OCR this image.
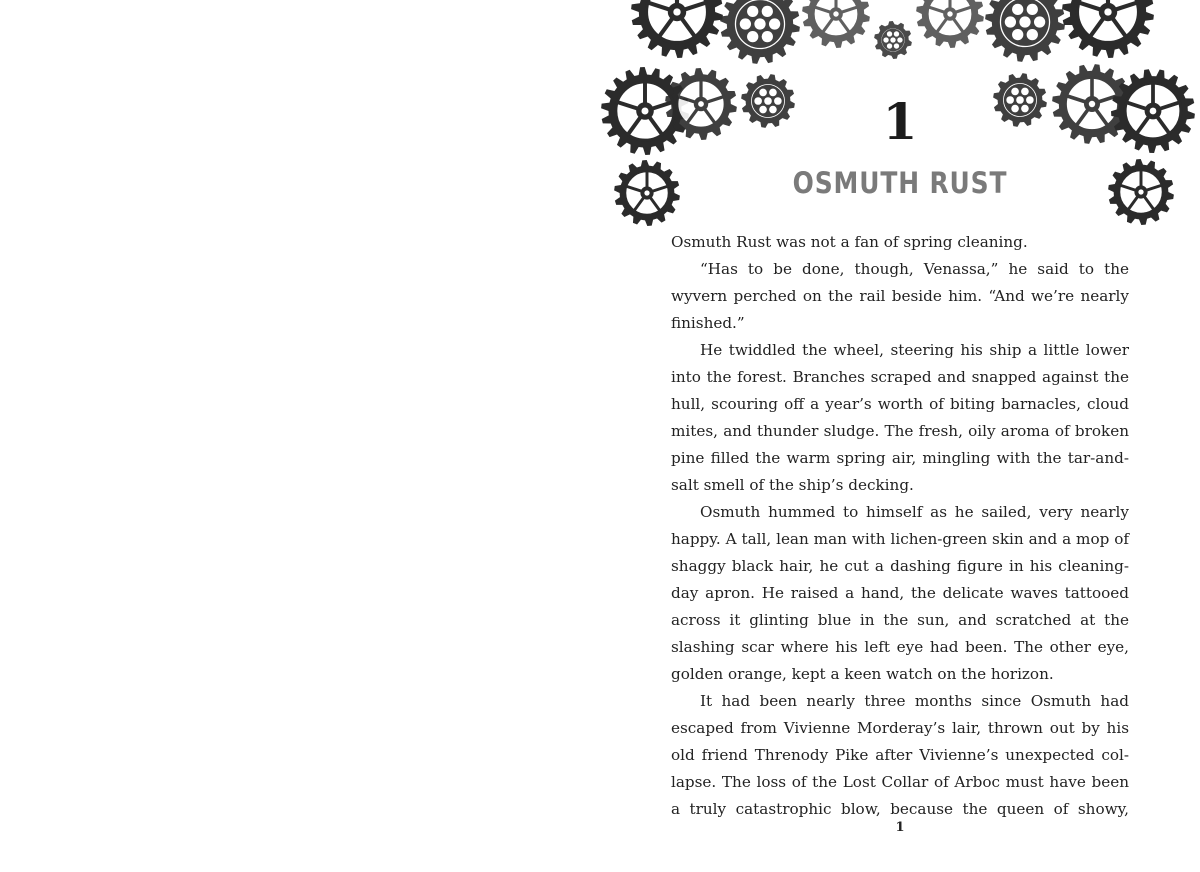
1
OSMUTH RUST

Osmuth Rust was not a fan of spring cleaning.

“Has to be done, though, Venassa,” he said to the wyvern perched on the rail beside him. “And we’re nearly finished.”

He twiddled the wheel, steering his ship a little lower into the forest. Branches scraped and snapped against the hull, scouring off a year’s worth of biting barnacles, cloud mites, and thunder sludge. The fresh, oily aroma of broken pine filled the warm spring air, mingling with the tar-and-salt smell of the ship’s decking.

Osmuth hummed to himself as he sailed, very nearly happy. A tall, lean man with lichen-green skin and a mop of shaggy black hair, he cut a dashing figure in his cleaning-day apron. He raised a hand, the delicate waves tattooed across it glinting blue in the sun, and scratched at the slashing scar where his left eye had been. The other eye, golden orange, kept a keen watch on the horizon.

It had been nearly three months since Osmuth had escaped from Vivienne Morderay’s lair, thrown out by his old friend Threnody Pike after Vivienne’s unexpected collapse. The loss of the Lost Collar of Arboc must have been a truly catastrophic blow, because the queen of showy,

1
